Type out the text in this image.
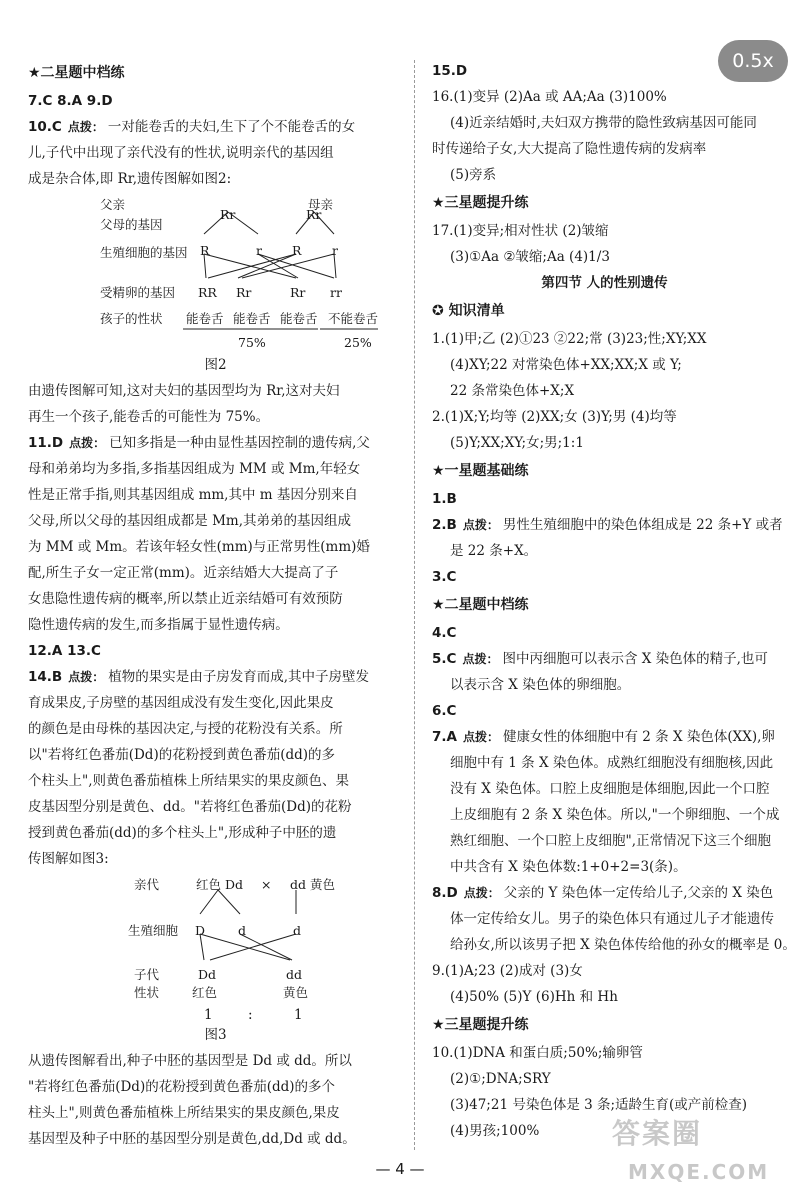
0.5x
★二星题中档练
7.C 8.A 9.D
10.C 点拨： 一对能卷舌的夫妇,生下了个不能卷舌的女
儿,子代中出现了亲代没有的性状,说明亲代的基因组
成是杂合体,即 Rr,遗传图解如图2:
父亲	母亲
父母的基因
Rr	Rr
生殖细胞的基因 R	r R r
受精卵的基因 RR Rr	Rr rr
孩子的性状 能卷舌 能卷舌 能卷舌 不能卷舌
75%	25%
图2
由遗传图解可知,这对夫妇的基因型均为 Rr,这对夫妇
再生一个孩子,能卷舌的可能性为 75%。
11.D 点拨： 已知多指是一种由显性基因控制的遗传病,父
母和弟弟均为多指,多指基因组成为 MM 或 Mm,年轻女
性是正常手指,则其基因组成 mm,其中 m 基因分别来自
父母,所以父母的基因组成都是 Mm,其弟弟的基因组成
为 MM 或 Mm。若该年轻女性(mm)与正常男性(mm)婚
配,所生子女一定正常(mm)。近亲结婚大大提高了子
女患隐性遗传病的概率,所以禁止近亲结婚可有效预防
隐性遗传病的发生,而多指属于显性遗传病。
12.A 13.C
14.B 点拨： 植物的果实是由子房发育而成,其中子房壁发
育成果皮,子房壁的基因组成没有发生变化,因此果皮
的颜色是由母株的基因决定,与授的花粉没有关系。所
以"若将红色番茄(Dd)的花粉授到黄色番茄(dd)的多
个柱头上",则黄色番茄植株上所结果实的果皮颜色、果
皮基因型分别是黄色、dd。"若将红色番茄(Dd)的花粉
授到黄色番茄(dd)的多个柱头上",形成种子中胚的遗
传图解如图3:
亲代	红色 Dd × dd 黄色
生殖细胞 D	d	d
子代	Dd	dd
性状	红色	黄色
1	:	1
图3
从遗传图解看出,种子中胚的基因型是 Dd 或 dd。所以
"若将红色番茄(Dd)的花粉授到黄色番茄(dd)的多个
柱头上",则黄色番茄植株上所结果实的果皮颜色,果皮
基因型及种子中胚的基因型分别是黄色,dd,Dd 或 dd。
15.D
16.(1)变异 (2)Aa 或 AA;Aa (3)100%
(4)近亲结婚时,夫妇双方携带的隐性致病基因可能同
时传递给子女,大大提高了隐性遗传病的发病率
(5)旁系
★三星题提升练
17.(1)变异;相对性状 (2)皱缩
(3)①Aa ②皱缩;Aa (4)1/3
第四节 人的性别遗传
✪ 知识清单
1.(1)甲;乙 (2)①23 ②22;常 (3)23;性;XY;XX
(4)XY;22 对常染色体+XX;XX;X 或 Y;
22 条常染色体+X;X
2.(1)X;Y;均等 (2)XX;女 (3)Y;男 (4)均等
(5)Y;XX;XY;女;男;1:1
★一星题基础练
1.B
2.B 点拨： 男性生殖细胞中的染色体组成是 22 条+Y 或者
是 22 条+X。
3.C
★二星题中档练
4.C
5.C 点拨： 图中丙细胞可以表示含 X 染色体的精子,也可
以表示含 X 染色体的卵细胞。
6.C
7.A 点拨： 健康女性的体细胞中有 2 条 X 染色体(XX),卵
细胞中有 1 条 X 染色体。成熟红细胞没有细胞核,因此
没有 X 染色体。口腔上皮细胞是体细胞,因此一个口腔
上皮细胞有 2 条 X 染色体。所以,"一个卵细胞、一个成
熟红细胞、一个口腔上皮细胞",正常情况下这三个细胞
中共含有 X 染色体数:1+0+2=3(条)。
8.D 点拨： 父亲的 Y 染色体一定传给儿子,父亲的 X 染色
体一定传给女儿。男子的染色体只有通过儿子才能遗传
给孙女,所以该男子把 X 染色体传给他的孙女的概率是 0。
9.(1)A;23 (2)成对 (3)女
(4)50% (5)Y (6)Hh 和 Hh
★三星题提升练
10.(1)DNA 和蛋白质;50%;输卵管
(2)①;DNA;SRY
(3)47;21 号染色体是 3 条;适龄生育(或产前检查)
(4)男孩;100%	答案圈
MXQE.COM
— 4 —
